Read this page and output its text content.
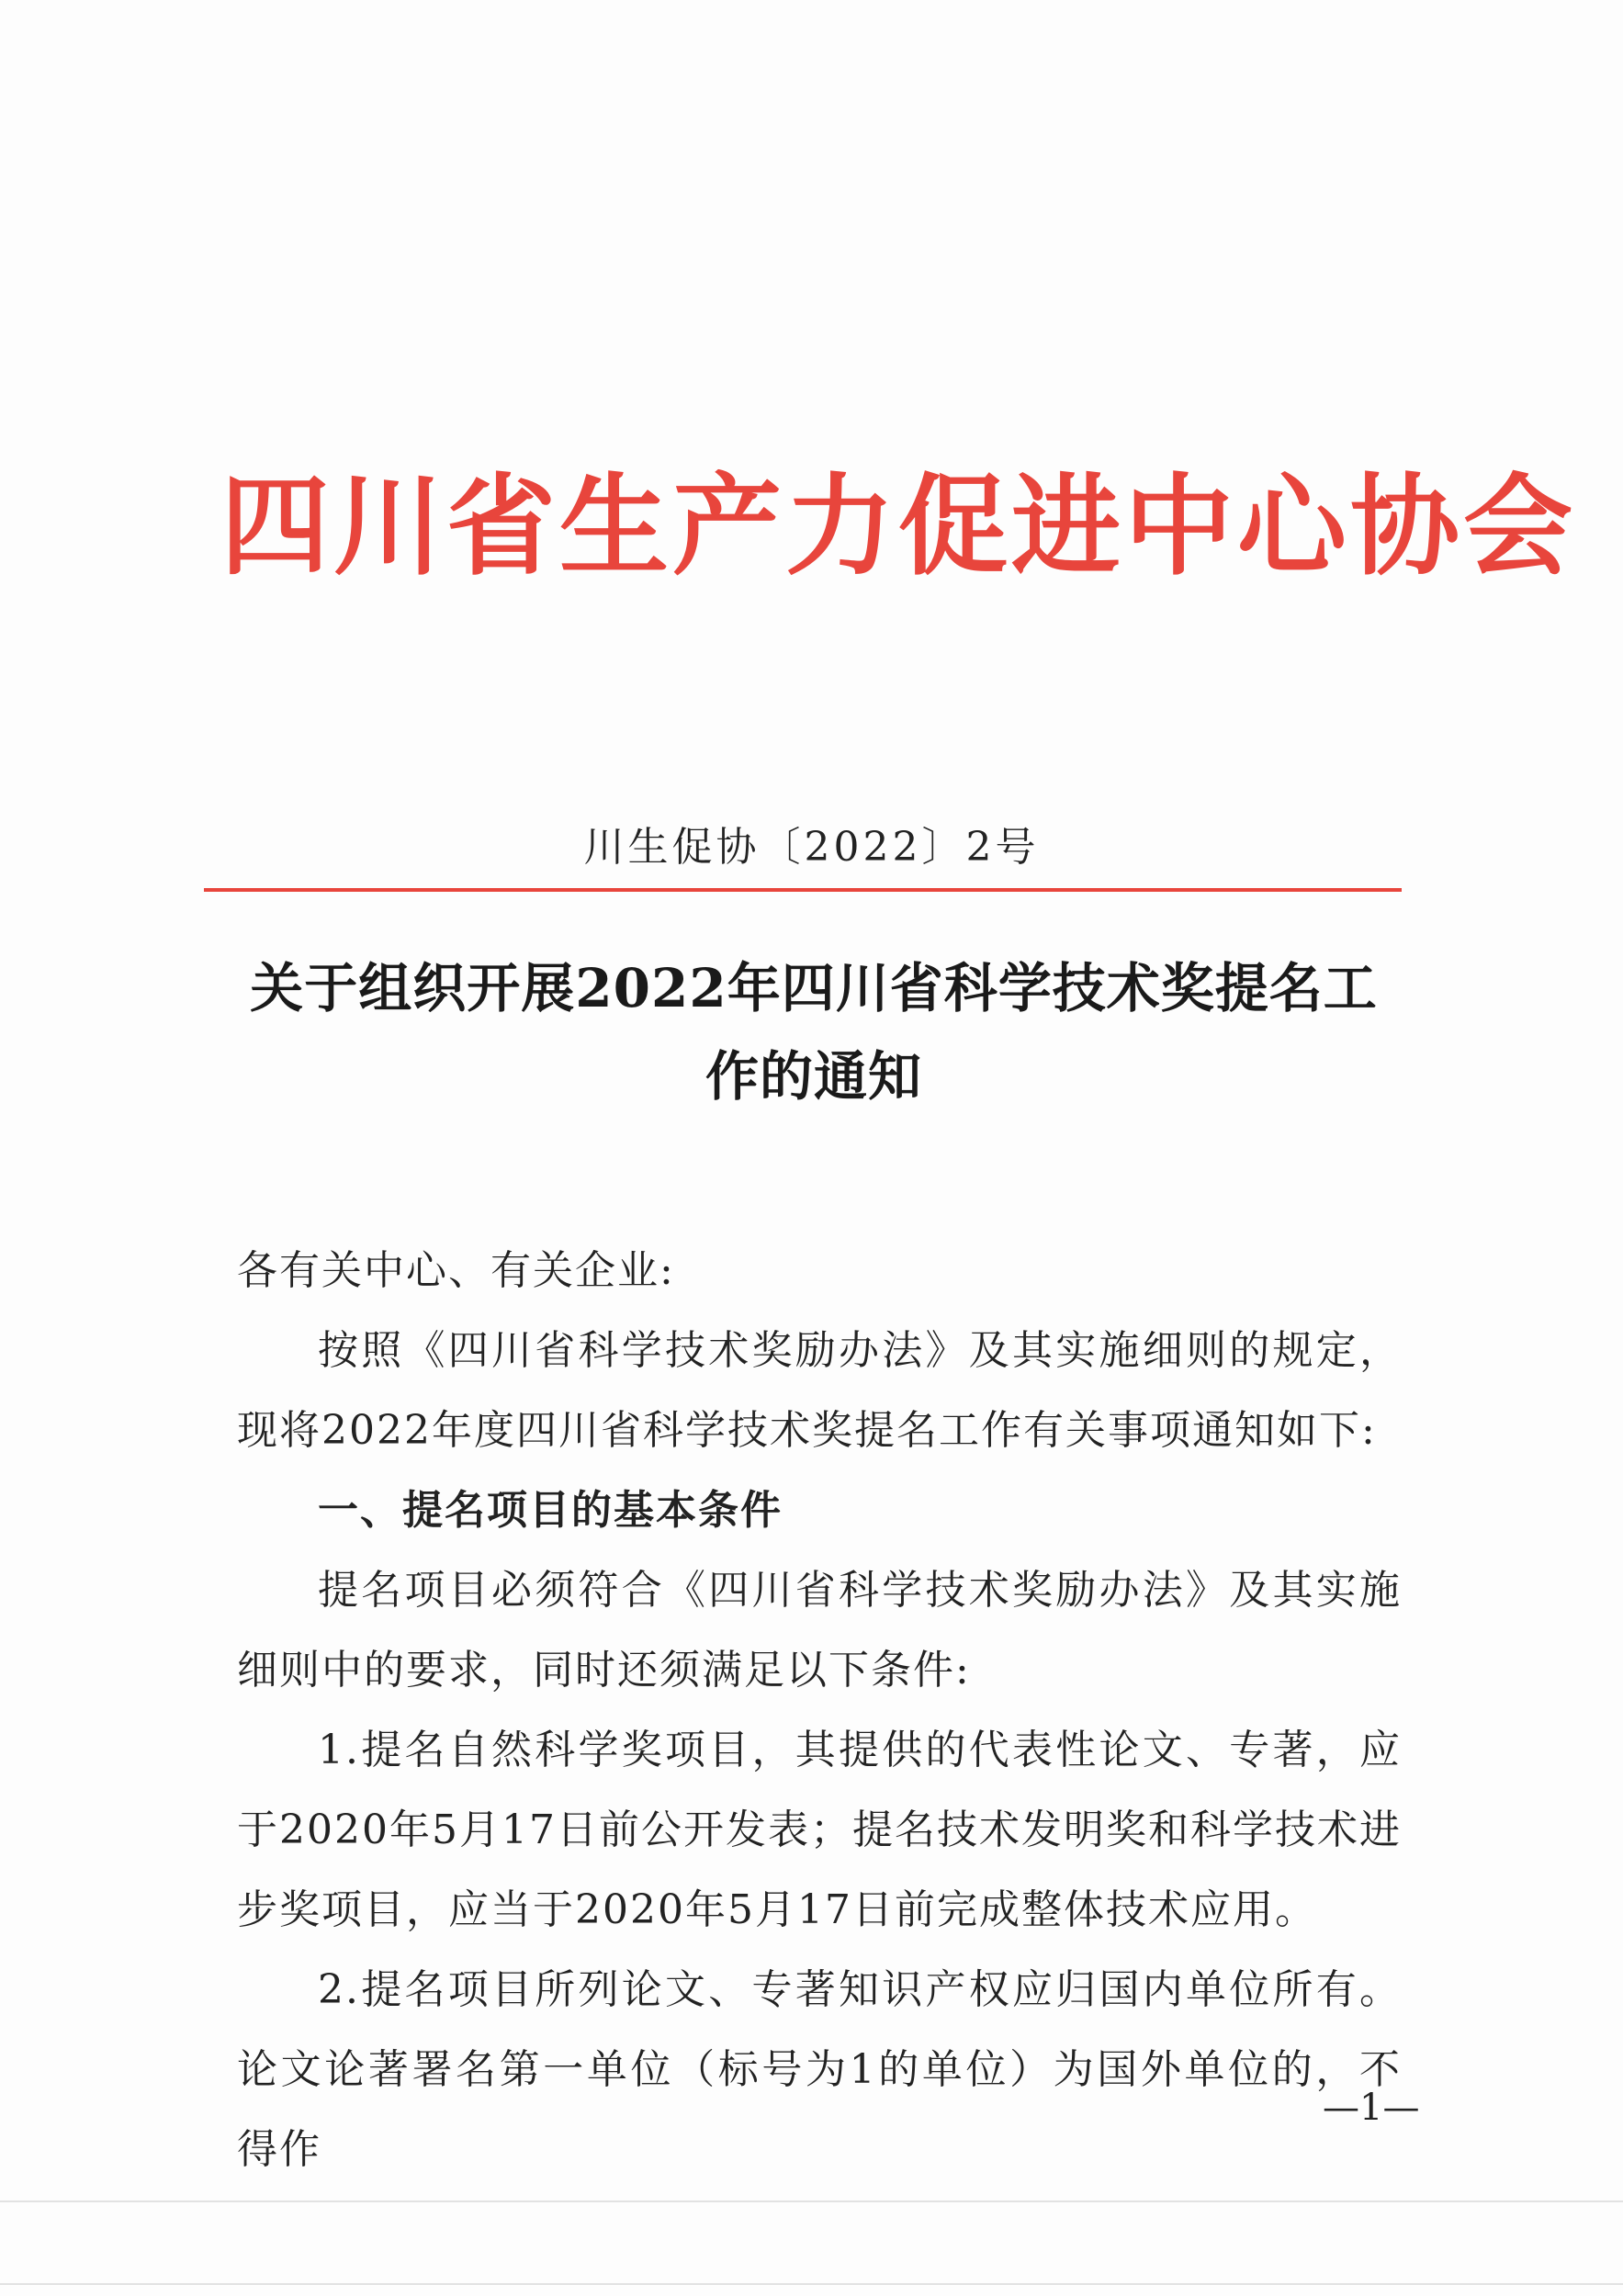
四川省生产力促进中心协会
川生促协〔2022〕2号
关于组织开展2022年四川省科学技术奖提名工
作的通知

各有关中心、有关企业:

按照《四川省科学技术奖励办法》及其实施细则的规定，现将2022年度四川省科学技术奖提名工作有关事项通知如下:

一、提名项目的基本条件

提名项目必须符合《四川省科学技术奖励办法》及其实施细则中的要求，同时还须满足以下条件:

1.提名自然科学奖项目，其提供的代表性论文、专著，应于2020年5月17日前公开发表；提名技术发明奖和科学技术进步奖项目，应当于2020年5月17日前完成整体技术应用。

2.提名项目所列论文、专著知识产权应归国内单位所有。论文论著署名第一单位（标号为1的单位）为国外单位的，不得作

—1—
